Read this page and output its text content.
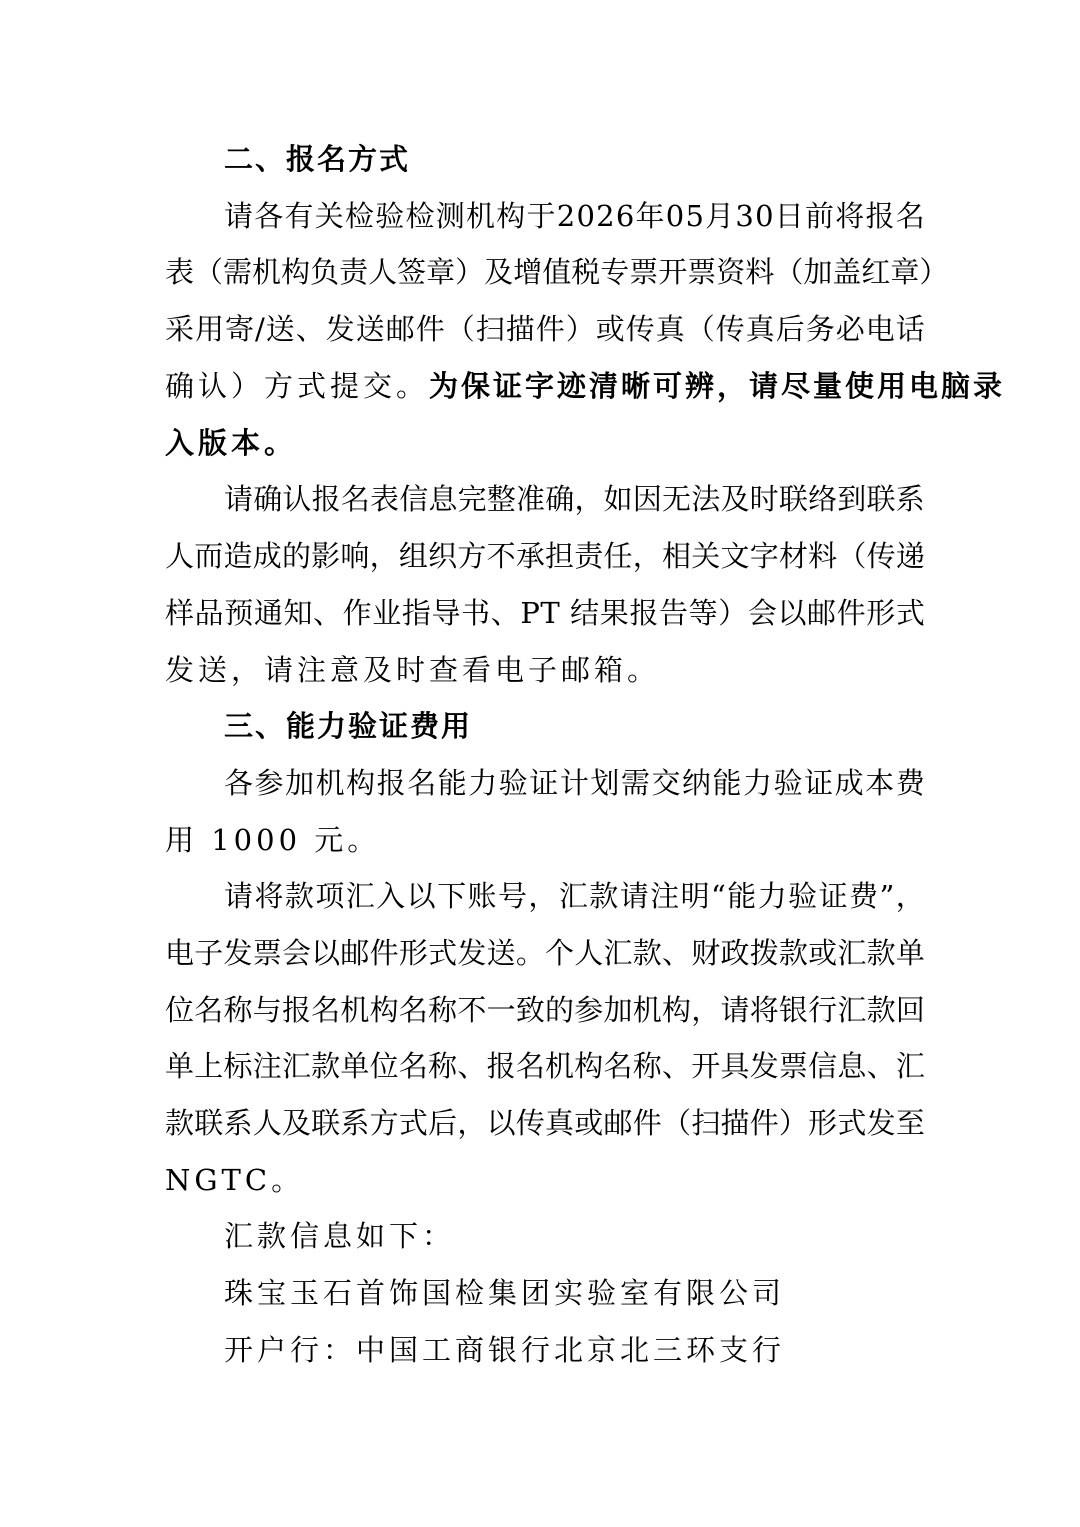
二、报名方式
请 各 有 关 检 验 检 测 机 构 于 2 0 2 6 年 0 5 月 3 0 日 前 将 报 名
表 （ 需 机 构 负 责 人 签 章 ） 及 增 值 税 专 票 开 票 资 料 （ 加 盖 红 章 ）
采 用 寄 / 送 、 发 送 邮 件 （ 扫 描 件 ） 或 传 真 （ 传 真 后 务 必 电 话
确认）方式提交。 为保证字迹清晰可辨，请尽量使用电脑录
入版本。
请 确 认 报 名 表 信 息 完 整 准 确 ， 如 因 无 法 及 时 联 络 到 联 系
人 而 造 成 的 影 响 ， 组 织 方 不 承 担 责 任 ， 相 关 文 字 材 料 （ 传 递
样 品 预 通 知 、 作 业 指 导 书 、 P T
结 果 报 告 等 ） 会 以 邮 件 形 式
发送，请注意及时查看电子邮箱。
三、能力验证费用
各 参 加 机 构 报 名 能 力 验 证 计 划 需 交 纳 能 力 验 证 成 本 费
用 1000 元。
请 将 款 项 汇 入 以 下 账 号 ， 汇 款 请 注 明 “ 能 力 验 证 费 ” ，
电 子 发 票 会 以 邮 件 形 式 发 送 。 个 人 汇 款 、 财 政 拨 款 或 汇 款 单
位 名 称 与 报 名 机 构 名 称 不 一 致 的 参 加 机 构 ， 请 将 银 行 汇 款 回
单 上 标 注 汇 款 单 位 名 称 、 报 名 机 构 名 称 、 开 具 发 票 信 息 、 汇
款 联 系 人 及 联 系 方 式 后 ， 以 传 真 或 邮 件 （ 扫 描 件 ） 形 式 发 至
NGTC。
汇款信息如下：
珠宝玉石首饰国检集团实验室有限公司
开户行：中国工商银行北京北三环支行
